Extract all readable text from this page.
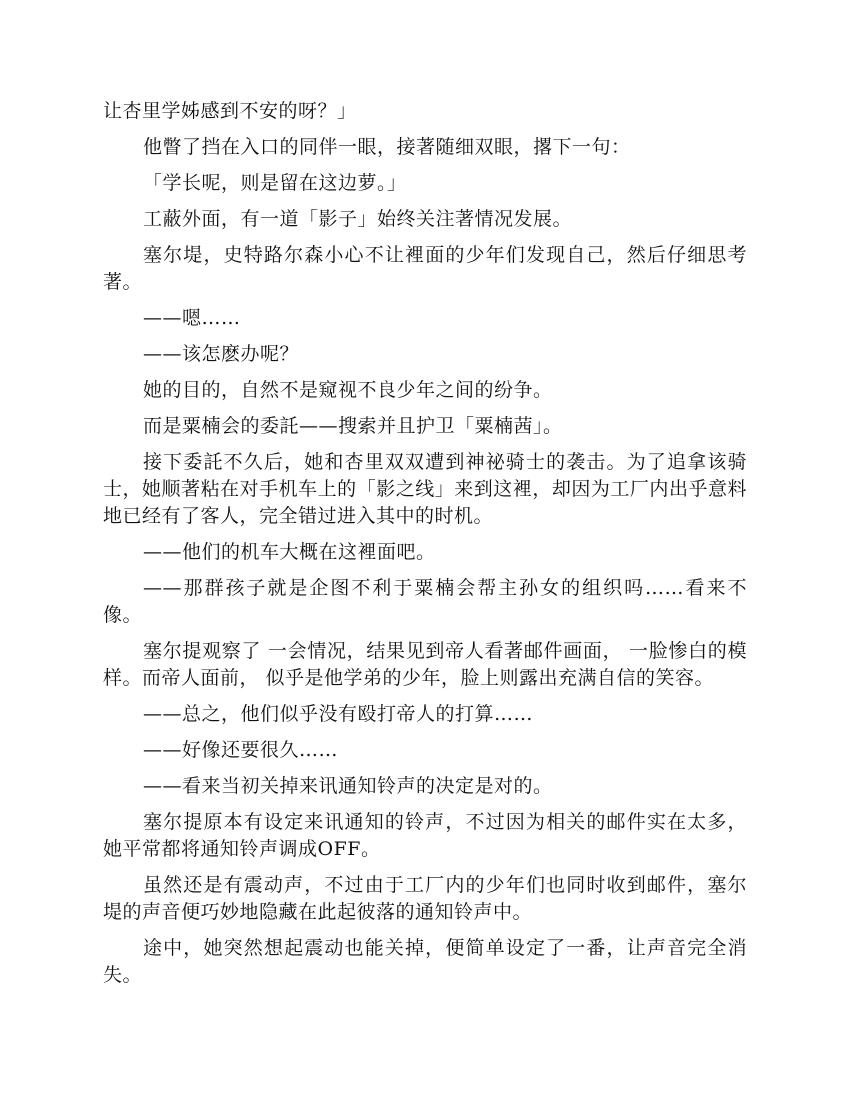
让杏里学姊感到不安的呀？」

他瞥了挡在入口的同伴一眼，接著随细双眼，撂下一句：

「学长呢，则是留在这边萝。」

工蔽外面，有一道「影子」始终关注著情况发展。

塞尔堤，史特路尔森小心不让裡面的少年们发现自己，然后仔细思考著。

——嗯……

——该怎麽办呢？

她的目的，自然不是窥视不良少年之间的纷争。

而是粟楠会的委託——搜索并且护卫「粟楠茜」。

接下委託不久后，她和杏里双双遭到神祕骑士的袭击。为了追拿该骑士，她顺著粘在对手机车上的「影之线」来到这裡，却因为工厂内出乎意料地已经有了客人，完全错过进入其中的时机。

——他们的机车大概在这裡面吧。

——那群孩子就是企图不利于粟楠会帮主孙女的组织吗……看来不像。

塞尔提观察了 一会情况，结果见到帝人看著邮件画面， 一脸惨白的模样。而帝人面前， 似乎是他学弟的少年，脸上则露出充满自信的笑容。

——总之，他们似乎没有殴打帝人的打算……

——好像还要很久……

——看来当初关掉来讯通知铃声的决定是对的。

塞尔提原本有设定来讯通知的铃声，不过因为相关的邮件实在太多，她平常都将通知铃声调成OFF。

虽然还是有震动声，不过由于工厂内的少年们也同时收到邮件，塞尔堤的声音便巧妙地隐藏在此起彼落的通知铃声中。

途中，她突然想起震动也能关掉，便简单设定了一番，让声音完全消失。
